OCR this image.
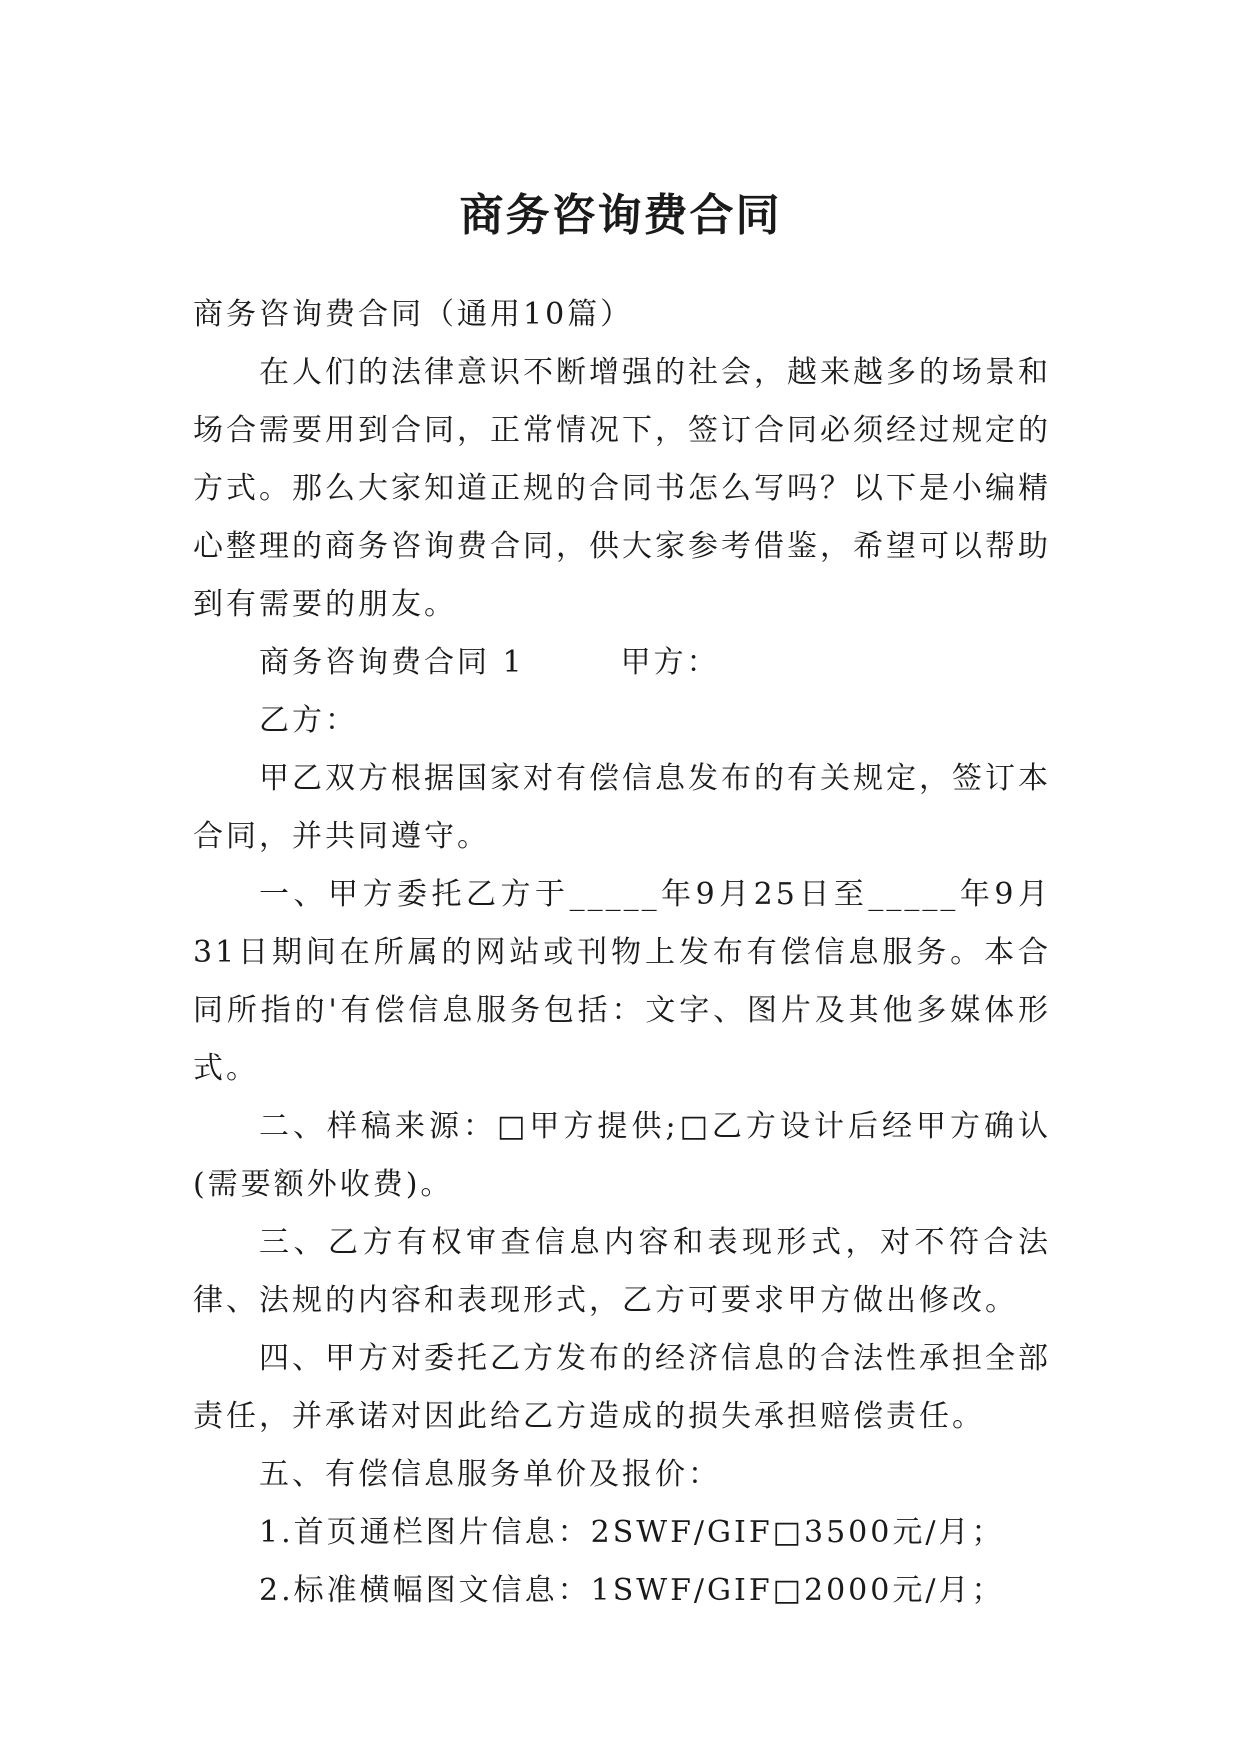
商务咨询费合同

商务咨询费合同（通用10篇）

在人们的法律意识不断增强的社会，越来越多的场景和场合需要用到合同，正常情况下，签订合同必须经过规定的方式。那么大家知道正规的合同书怎么写吗？以下是小编精心整理的商务咨询费合同，供大家参考借鉴，希望可以帮助到有需要的朋友。

商务咨询费合同 1	甲方：

乙方：

甲乙双方根据国家对有偿信息发布的有关规定，签订本合同，并共同遵守。

一、甲方委托乙方于_____年9月25日至_____年9月31日期间在所属的网站或刊物上发布有偿信息服务。本合同所指的'有偿信息服务包括：文字、图片及其他多媒体形式。

二、样稿来源：□甲方提供;□乙方设计后经甲方确认(需要额外收费)。

三、乙方有权审查信息内容和表现形式，对不符合法律、法规的内容和表现形式，乙方可要求甲方做出修改。

四、甲方对委托乙方发布的经济信息的合法性承担全部责任，并承诺对因此给乙方造成的损失承担赔偿责任。

五、有偿信息服务单价及报价：

1.首页通栏图片信息：2SWF/GIF□3500元/月；

2.标准横幅图文信息：1SWF/GIF□2000元/月；
